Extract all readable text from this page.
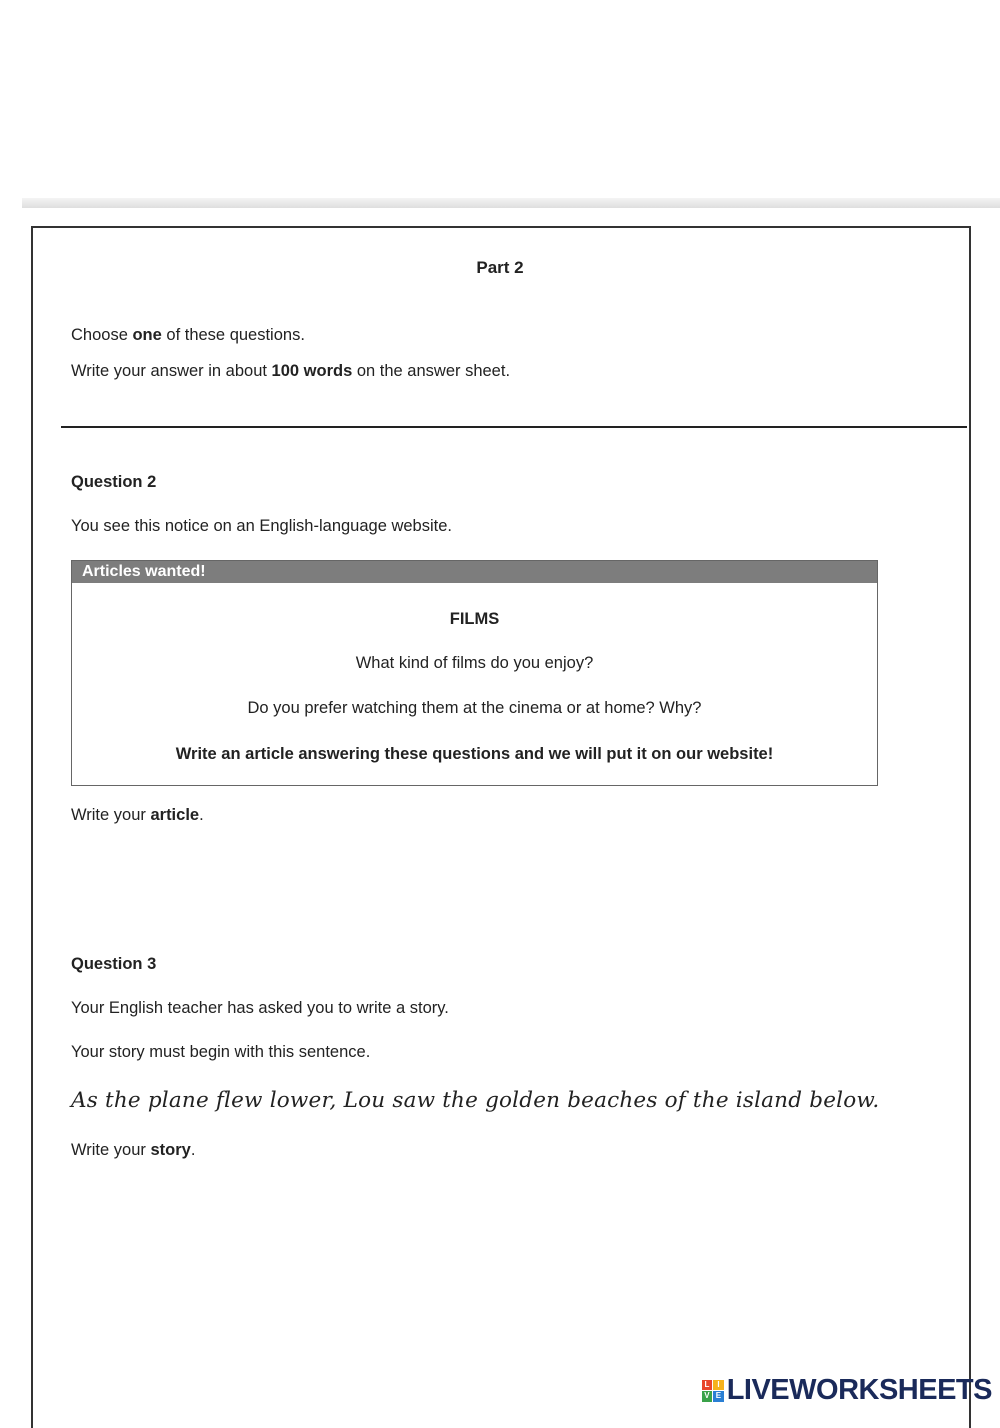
Part 2
Choose one of these questions.
Write your answer in about 100 words on the answer sheet.
Question 2
You see this notice on an English-language website.
Articles wanted!
FILMS
What kind of films do you enjoy?
Do you prefer watching them at the cinema or at home? Why?
Write an article answering these questions and we will put it on our website!
Write your article.
Question 3
Your English teacher has asked you to write a story.
Your story must begin with this sentence.
As the plane flew lower, Lou saw the golden beaches of the island below.
Write your story.
L I
V E LIVEWORKSHEETS
